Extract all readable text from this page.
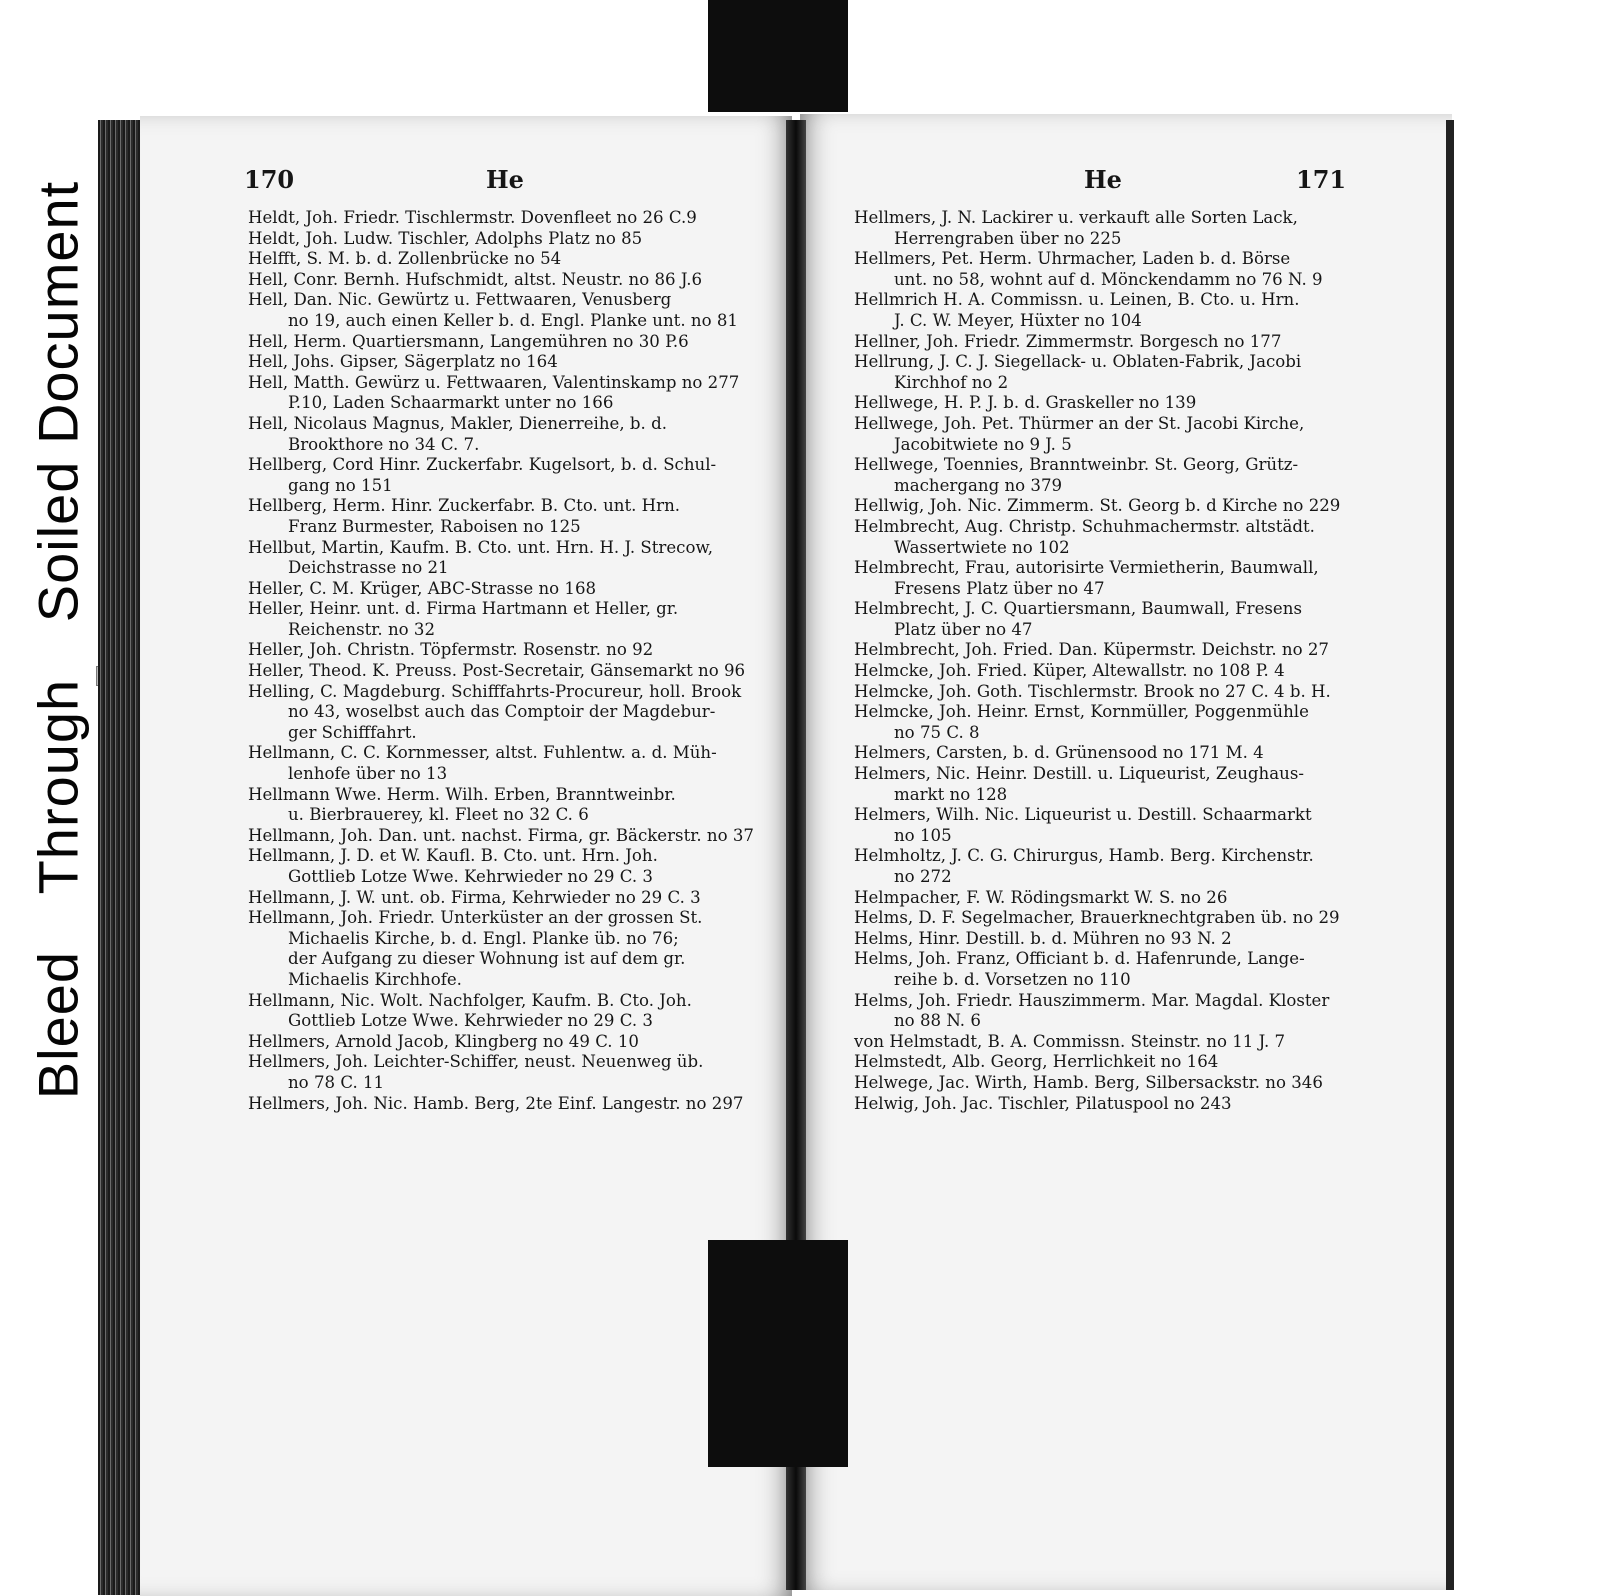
Bleed Through Soiled Document
170	He	He	171
Heldt, Joh. Friedr. Tischlermstr. Dovenfleet no 26 C.9
Heldt, Joh. Ludw. Tischler, Adolphs Platz no 85
Helfft, S. M. b. d. Zollenbrücke no 54
Hell, Conr. Bernh. Hufschmidt, altst. Neustr. no 86 J.6
Hell, Dan. Nic. Gewürtz u. Fettwaaren, Venusberg
no 19, auch einen Keller b. d. Engl. Planke unt. no 81
Hell, Herm. Quartiersmann, Langemühren no 30 P.6
Hell, Johs. Gipser, Sägerplatz no 164
Hell, Matth. Gewürz u. Fettwaaren, Valentinskamp no 277
P.10, Laden Schaarmarkt unter no 166
Hell, Nicolaus Magnus, Makler, Dienerreihe, b. d.
Brookthore no 34 C. 7.
Hellberg, Cord Hinr. Zuckerfabr. Kugelsort, b. d. Schul-
gang no 151
Hellberg, Herm. Hinr. Zuckerfabr. B. Cto. unt. Hrn.
Franz Burmester, Raboisen no 125
Hellbut, Martin, Kaufm. B. Cto. unt. Hrn. H. J. Strecow,
Deichstrasse no 21
Heller, C. M. Krüger, ABC-Strasse no 168
Heller, Heinr. unt. d. Firma Hartmann et Heller, gr.
Reichenstr. no 32
Heller, Joh. Christn. Töpfermstr. Rosenstr. no 92
Heller, Theod. K. Preuss. Post-Secretair, Gänsemarkt no 96
Helling, C. Magdeburg. Schifffahrts-Procureur, holl. Brook
no 43, woselbst auch das Comptoir der Magdebur-
ger Schifffahrt.
Hellmann, C. C. Kornmesser, altst. Fuhlentw. a. d. Müh-
lenhofe über no 13
Hellmann Wwe. Herm. Wilh. Erben, Branntweinbr.
u. Bierbrauerey, kl. Fleet no 32 C. 6
Hellmann, Joh. Dan. unt. nachst. Firma, gr. Bäckerstr. no 37
Hellmann, J. D. et W. Kaufl. B. Cto. unt. Hrn. Joh.
Gottlieb Lotze Wwe. Kehrwieder no 29 C. 3
Hellmann, J. W. unt. ob. Firma, Kehrwieder no 29 C. 3
Hellmann, Joh. Friedr. Unterküster an der grossen St.
Michaelis Kirche, b. d. Engl. Planke üb. no 76;
der Aufgang zu dieser Wohnung ist auf dem gr.
Michaelis Kirchhofe.
Hellmann, Nic. Wolt. Nachfolger, Kaufm. B. Cto. Joh.
Gottlieb Lotze Wwe. Kehrwieder no 29 C. 3
Hellmers, Arnold Jacob, Klingberg no 49 C. 10
Hellmers, Joh. Leichter-Schiffer, neust. Neuenweg üb.
no 78 C. 11
Hellmers, Joh. Nic. Hamb. Berg, 2te Einf. Langestr. no 297
Hellmers, J. N. Lackirer u. verkauft alle Sorten Lack,
Herrengraben über no 225
Hellmers, Pet. Herm. Uhrmacher, Laden b. d. Börse
unt. no 58, wohnt auf d. Mönckendamm no 76 N. 9
Hellmrich H. A. Commissn. u. Leinen, B. Cto. u. Hrn.
J. C. W. Meyer, Hüxter no 104
Hellner, Joh. Friedr. Zimmermstr. Borgesch no 177
Hellrung, J. C. J. Siegellack- u. Oblaten-Fabrik, Jacobi
Kirchhof no 2
Hellwege, H. P. J. b. d. Graskeller no 139
Hellwege, Joh. Pet. Thürmer an der St. Jacobi Kirche,
Jacobitwiete no 9 J. 5
Hellwege, Toennies, Branntweinbr. St. Georg, Grütz-
machergang no 379
Hellwig, Joh. Nic. Zimmerm. St. Georg b. d Kirche no 229
Helmbrecht, Aug. Christp. Schuhmachermstr. altstädt.
Wassertwiete no 102
Helmbrecht, Frau, autorisirte Vermietherin, Baumwall,
Fresens Platz über no 47
Helmbrecht, J. C. Quartiersmann, Baumwall, Fresens
Platz über no 47
Helmbrecht, Joh. Fried. Dan. Küpermstr. Deichstr. no 27
Helmcke, Joh. Fried. Küper, Altewallstr. no 108 P. 4
Helmcke, Joh. Goth. Tischlermstr. Brook no 27 C. 4 b. H.
Helmcke, Joh. Heinr. Ernst, Kornmüller, Poggenmühle
no 75 C. 8
Helmers, Carsten, b. d. Grünensood no 171 M. 4
Helmers, Nic. Heinr. Destill. u. Liqueurist, Zeughaus-
markt no 128
Helmers, Wilh. Nic. Liqueurist u. Destill. Schaarmarkt
no 105
Helmholtz, J. C. G. Chirurgus, Hamb. Berg. Kirchenstr.
no 272
Helmpacher, F. W. Rödingsmarkt W. S. no 26
Helms, D. F. Segelmacher, Brauerknechtgraben üb. no 29
Helms, Hinr. Destill. b. d. Mühren no 93 N. 2
Helms, Joh. Franz, Officiant b. d. Hafenrunde, Lange-
reihe b. d. Vorsetzen no 110
Helms, Joh. Friedr. Hauszimmerm. Mar. Magdal. Kloster
no 88 N. 6
von Helmstadt, B. A. Commissn. Steinstr. no 11 J. 7
Helmstedt, Alb. Georg, Herrlichkeit no 164
Helwege, Jac. Wirth, Hamb. Berg, Silbersackstr. no 346
Helwig, Joh. Jac. Tischler, Pilatuspool no 243
